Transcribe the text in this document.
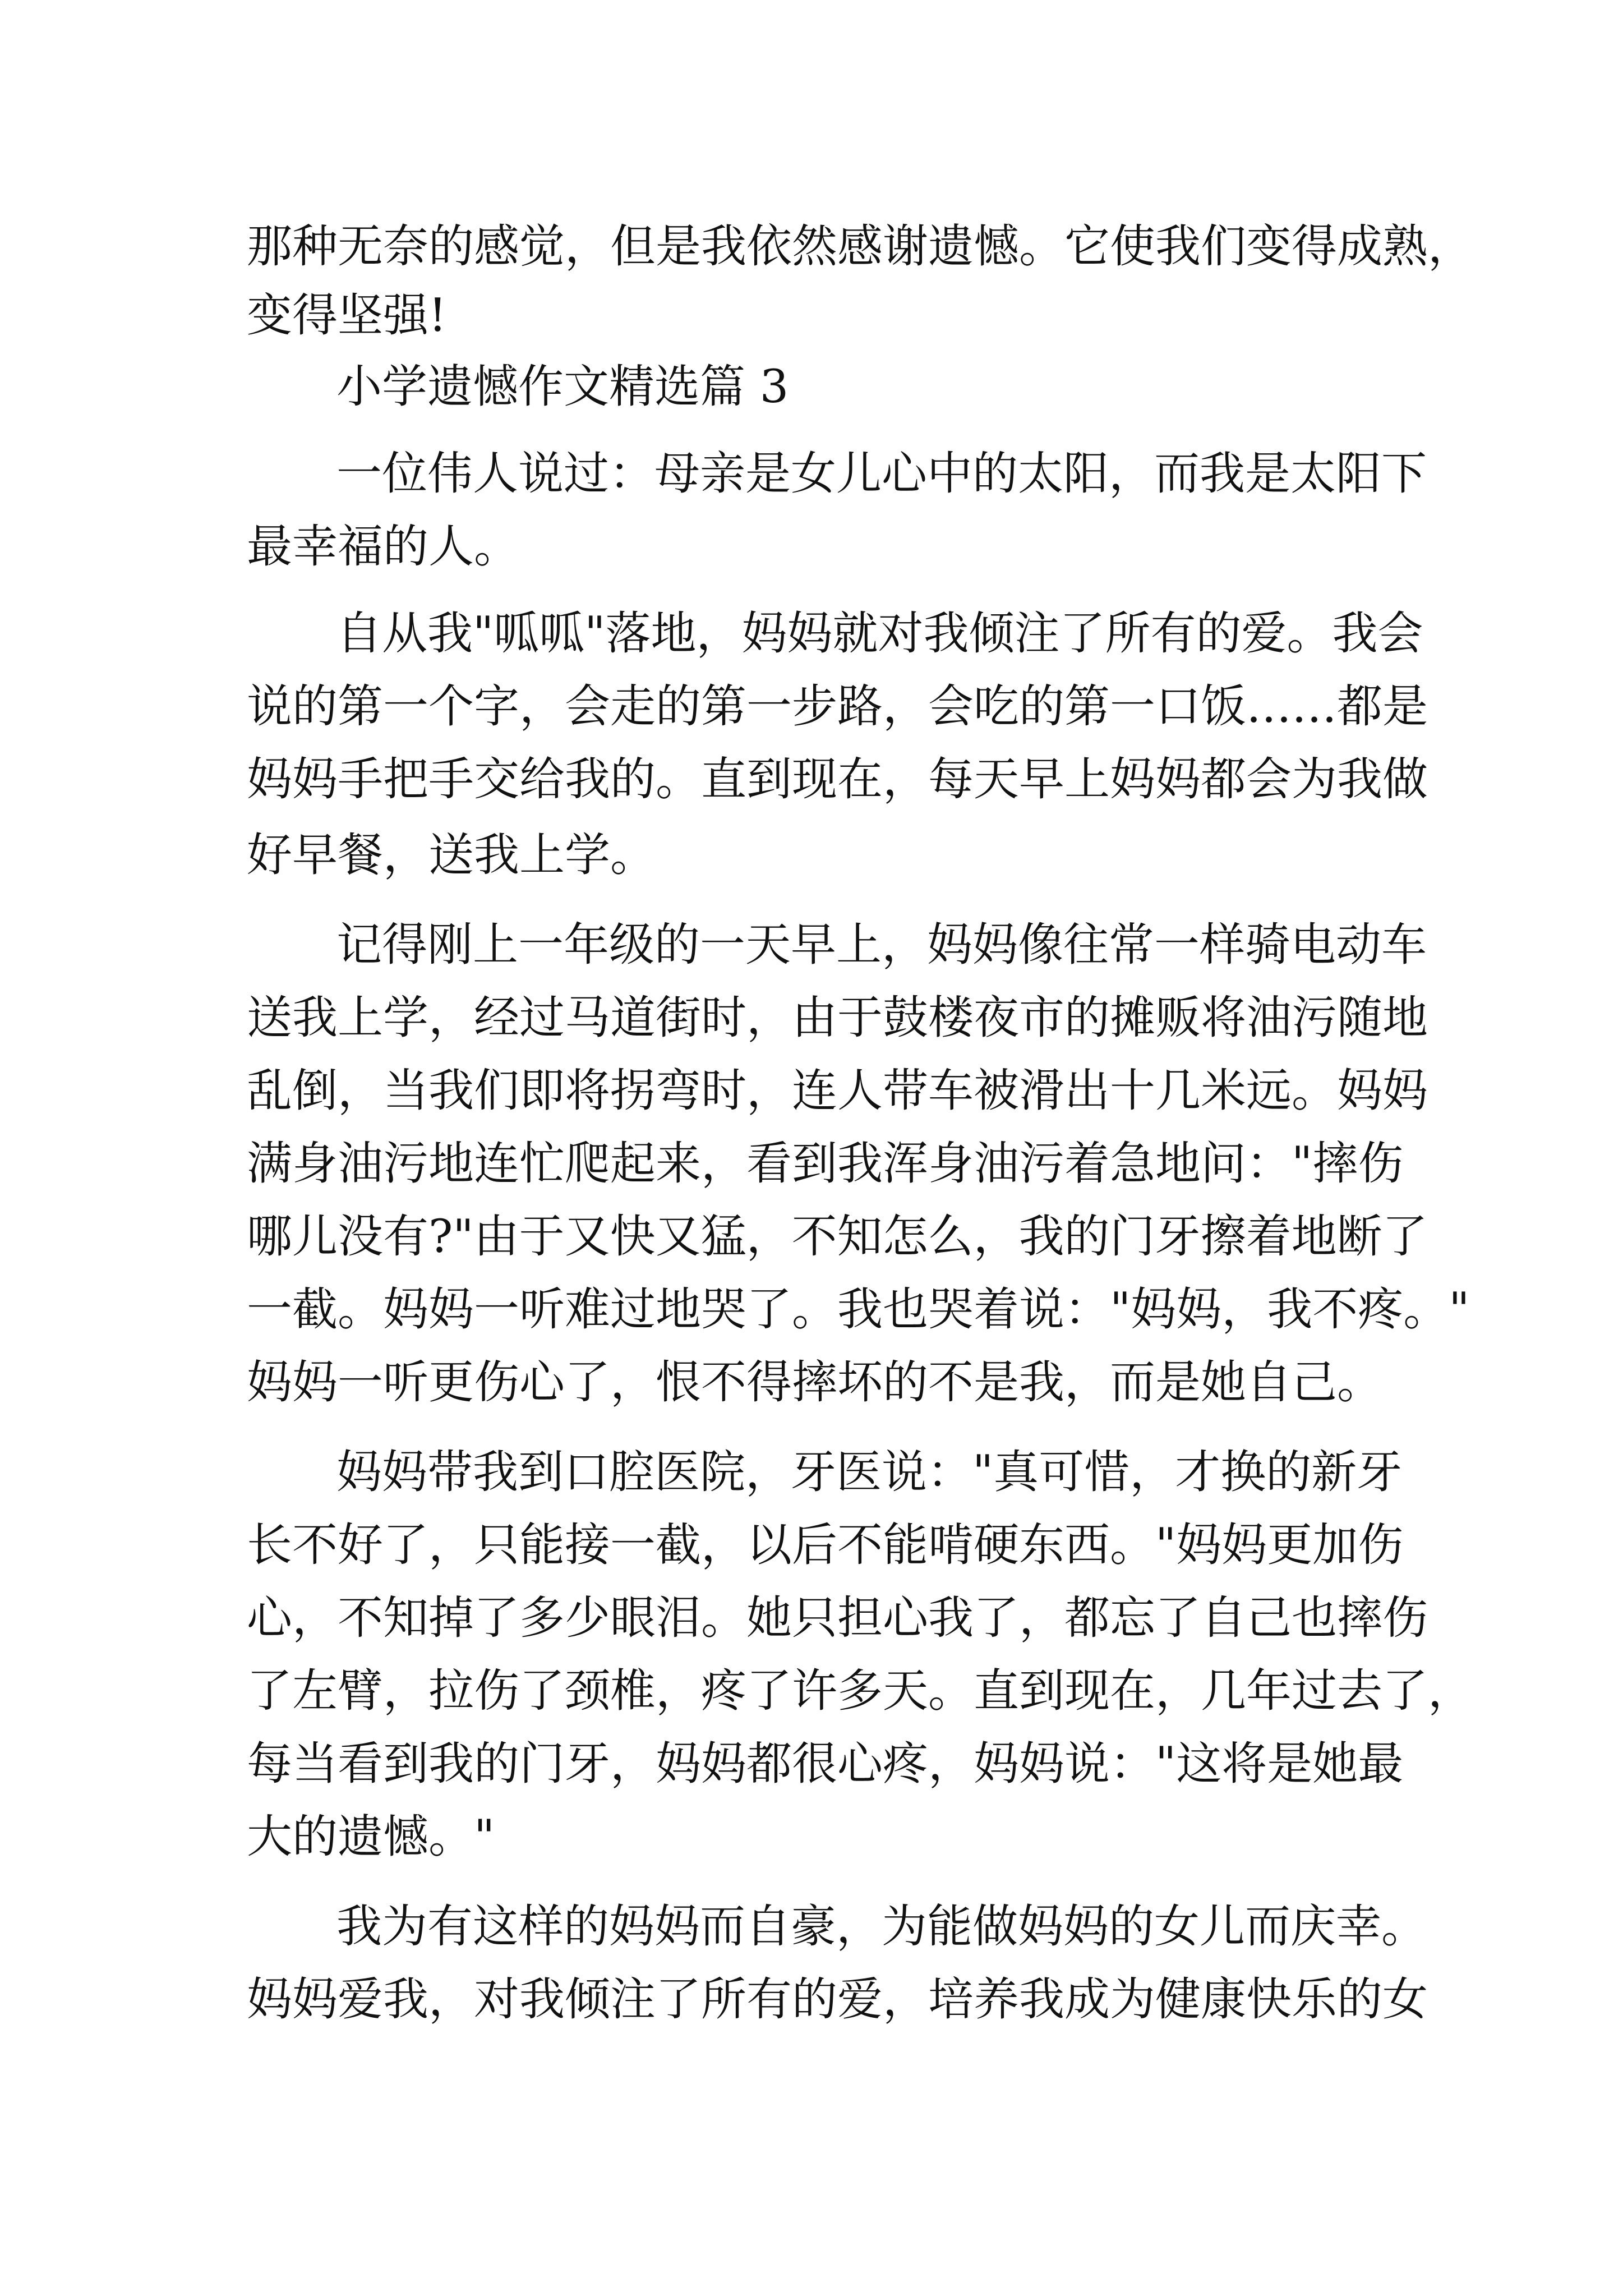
那种无奈的感觉，但是我依然感谢遗憾。它使我们变得成熟，

变得坚强!

小学遗憾作文精选篇 3

一位伟人说过：母亲是女儿心中的太阳，而我是太阳下

最幸福的人。

自从我"呱呱"落地，妈妈就对我倾注了所有的爱。我会

说的第一个字，会走的第一步路，会吃的第一口饭……都是

妈妈手把手交给我的。直到现在，每天早上妈妈都会为我做

好早餐，送我上学。

记得刚上一年级的一天早上，妈妈像往常一样骑电动车

送我上学，经过马道街时，由于鼓楼夜市的摊贩将油污随地

乱倒，当我们即将拐弯时，连人带车被滑出十几米远。妈妈

满身油污地连忙爬起来，看到我浑身油污着急地问："摔伤

哪儿没有?"由于又快又猛，不知怎么，我的门牙擦着地断了

一截。妈妈一听难过地哭了。我也哭着说："妈妈，我不疼。"

妈妈一听更伤心了，恨不得摔坏的不是我，而是她自己。

妈妈带我到口腔医院，牙医说："真可惜，才换的新牙

长不好了，只能接一截，以后不能啃硬东西。"妈妈更加伤

心，不知掉了多少眼泪。她只担心我了，都忘了自己也摔伤

了左臂，拉伤了颈椎，疼了许多天。直到现在，几年过去了，

每当看到我的门牙，妈妈都很心疼，妈妈说："这将是她最

大的遗憾。"

我为有这样的妈妈而自豪，为能做妈妈的女儿而庆幸。

妈妈爱我，对我倾注了所有的爱，培养我成为健康快乐的女
